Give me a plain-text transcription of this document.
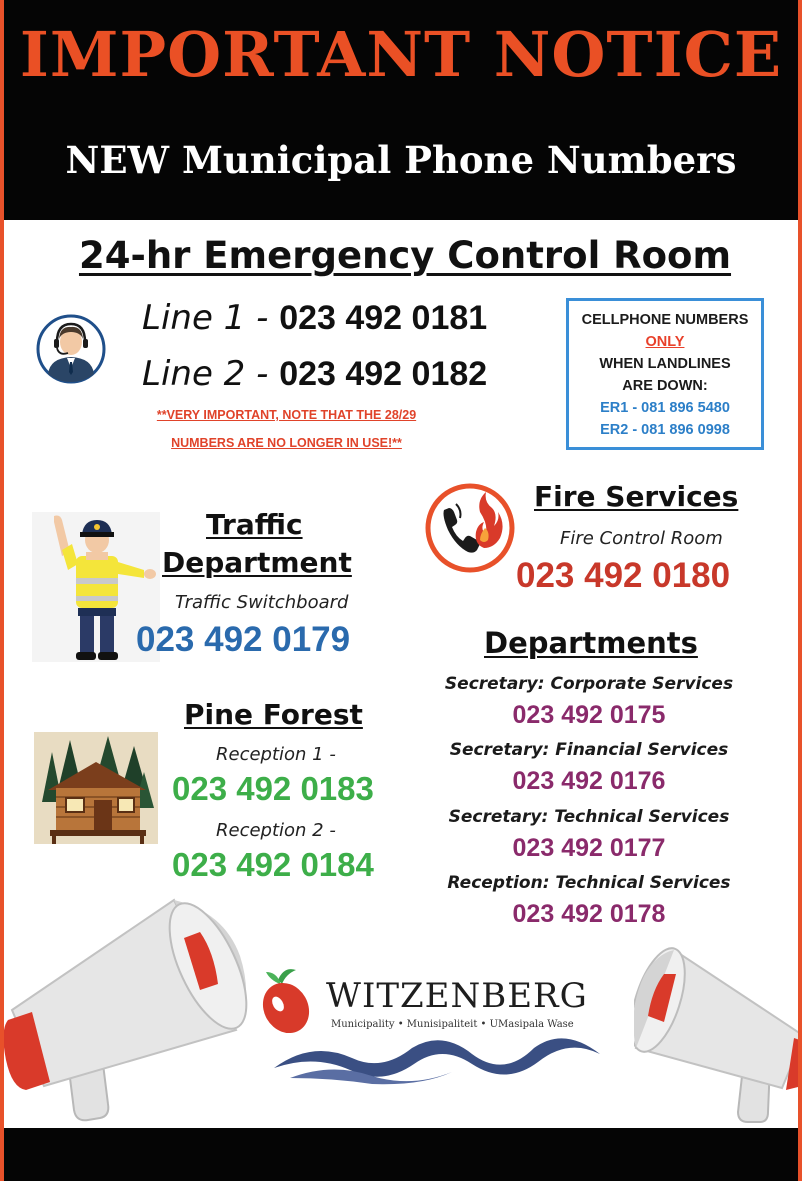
IMPORTANT NOTICE
NEW Municipal Phone Numbers
24-hr Emergency Control Room
Line 1 - 023 492 0181
Line 2 - 023 492 0182
**VERY IMPORTANT, NOTE THAT THE 28/29
NUMBERS ARE NO LONGER IN USE!**
CELLPHONE NUMBERS
ONLY
WHEN LANDLINES
ARE DOWN:
ER1 - 081 896 5480
ER2 - 081 896 0998
Fire Services
Fire Control Room
023 492 0180
Traffic
Department
Traffic Switchboard
023 492 0179	Departments
Secretary: Corporate Services
023 492 0175
Secretary: Financial Services
023 492 0176
Secretary: Technical Services
023 492 0177
Reception: Technical Services
023 492 0178
Pine Forest
Reception 1 -
023 492 0183
Reception 2 -
023 492 0184
WITZENBERG
Municipality • Munisipaliteit • UMasipala Wase
